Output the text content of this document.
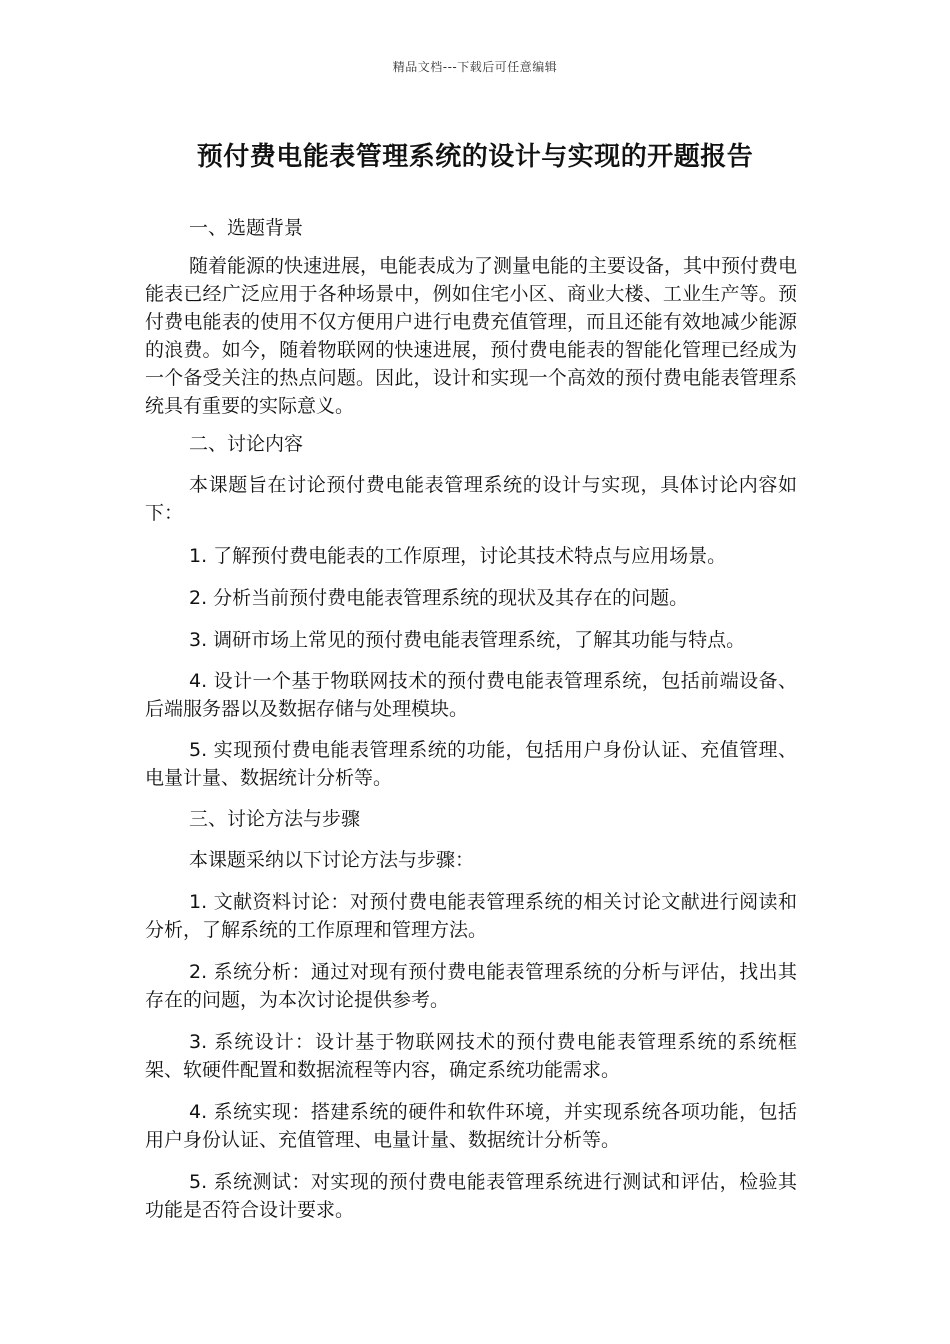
精品文档---下载后可任意编辑
预付费电能表管理系统的设计与实现的开题报告

一、选题背景

随着能源的快速进展，电能表成为了测量电能的主要设备，其中预付费电能表已经广泛应用于各种场景中，例如住宅小区、商业大楼、工业生产等。预付费电能表的使用不仅方便用户进行电费充值管理，而且还能有效地减少能源的浪费。如今，随着物联网的快速进展，预付费电能表的智能化管理已经成为一个备受关注的热点问题。因此，设计和实现一个高效的预付费电能表管理系统具有重要的实际意义。

二、讨论内容

本课题旨在讨论预付费电能表管理系统的设计与实现，具体讨论内容如下：

1. 了解预付费电能表的工作原理，讨论其技术特点与应用场景。

2. 分析当前预付费电能表管理系统的现状及其存在的问题。

3. 调研市场上常见的预付费电能表管理系统，了解其功能与特点。

4. 设计一个基于物联网技术的预付费电能表管理系统，包括前端设备、后端服务器以及数据存储与处理模块。

5. 实现预付费电能表管理系统的功能，包括用户身份认证、充值管理、电量计量、数据统计分析等。

三、讨论方法与步骤

本课题采纳以下讨论方法与步骤：

1. 文献资料讨论：对预付费电能表管理系统的相关讨论文献进行阅读和分析，了解系统的工作原理和管理方法。

2. 系统分析：通过对现有预付费电能表管理系统的分析与评估，找出其存在的问题，为本次讨论提供参考。

3. 系统设计：设计基于物联网技术的预付费电能表管理系统的系统框架、软硬件配置和数据流程等内容，确定系统功能需求。

4. 系统实现：搭建系统的硬件和软件环境，并实现系统各项功能，包括用户身份认证、充值管理、电量计量、数据统计分析等。

5. 系统测试：对实现的预付费电能表管理系统进行测试和评估，检验其功能是否符合设计要求。
